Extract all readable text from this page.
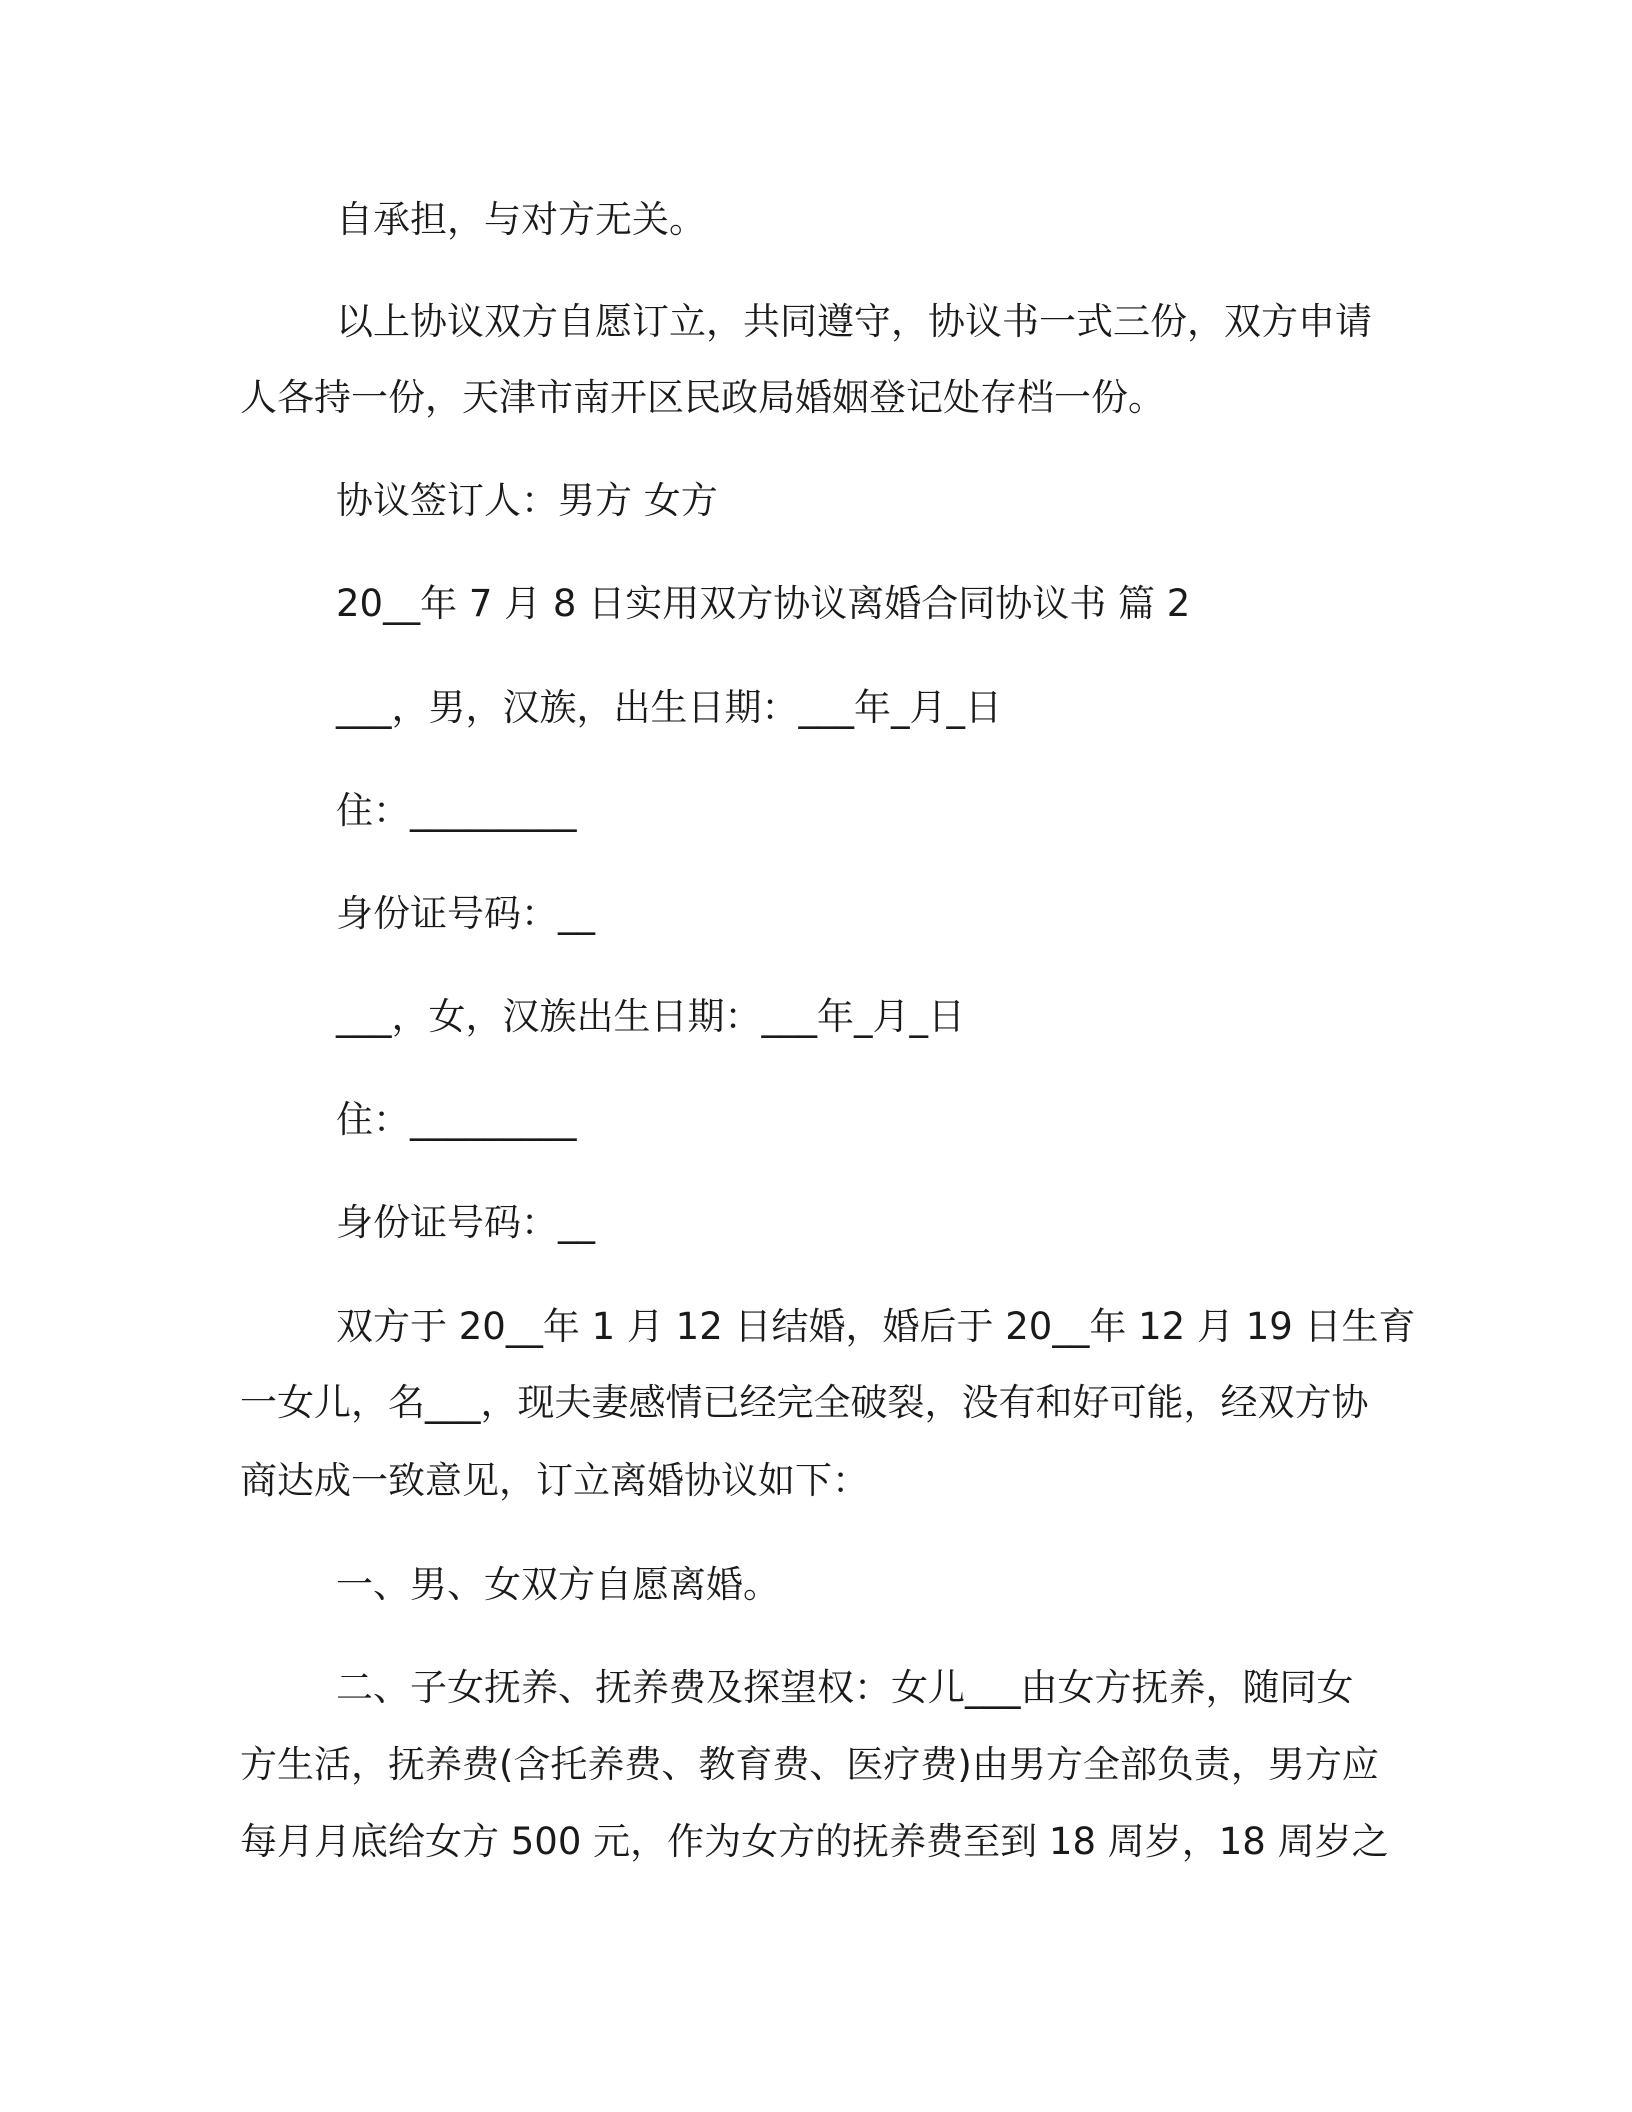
自承担，与对方无关。

以上协议双方自愿订立，共同遵守，协议书一式三份，双方申请

人各持一份，天津市南开区民政局婚姻登记处存档一份。

协议签订人：男方 女方

20__年 7 月 8 日实用双方协议离婚合同协议书 篇 2

___，男，汉族，出生日期：___年_月_日

住：_________

身份证号码：__

___，女，汉族出生日期：___年_月_日

住：_________

身份证号码：__

双方于 20__年 1 月 12 日结婚，婚后于 20__年 12 月 19 日生育

一女儿，名___，现夫妻感情已经完全破裂，没有和好可能，经双方协

商达成一致意见，订立离婚协议如下：

一、男、女双方自愿离婚。

二、子女抚养、抚养费及探望权：女儿___由女方抚养，随同女

方生活，抚养费(含托养费、教育费、医疗费)由男方全部负责，男方应

每月月底给女方 500 元，作为女方的抚养费至到 18 周岁，18 周岁之
